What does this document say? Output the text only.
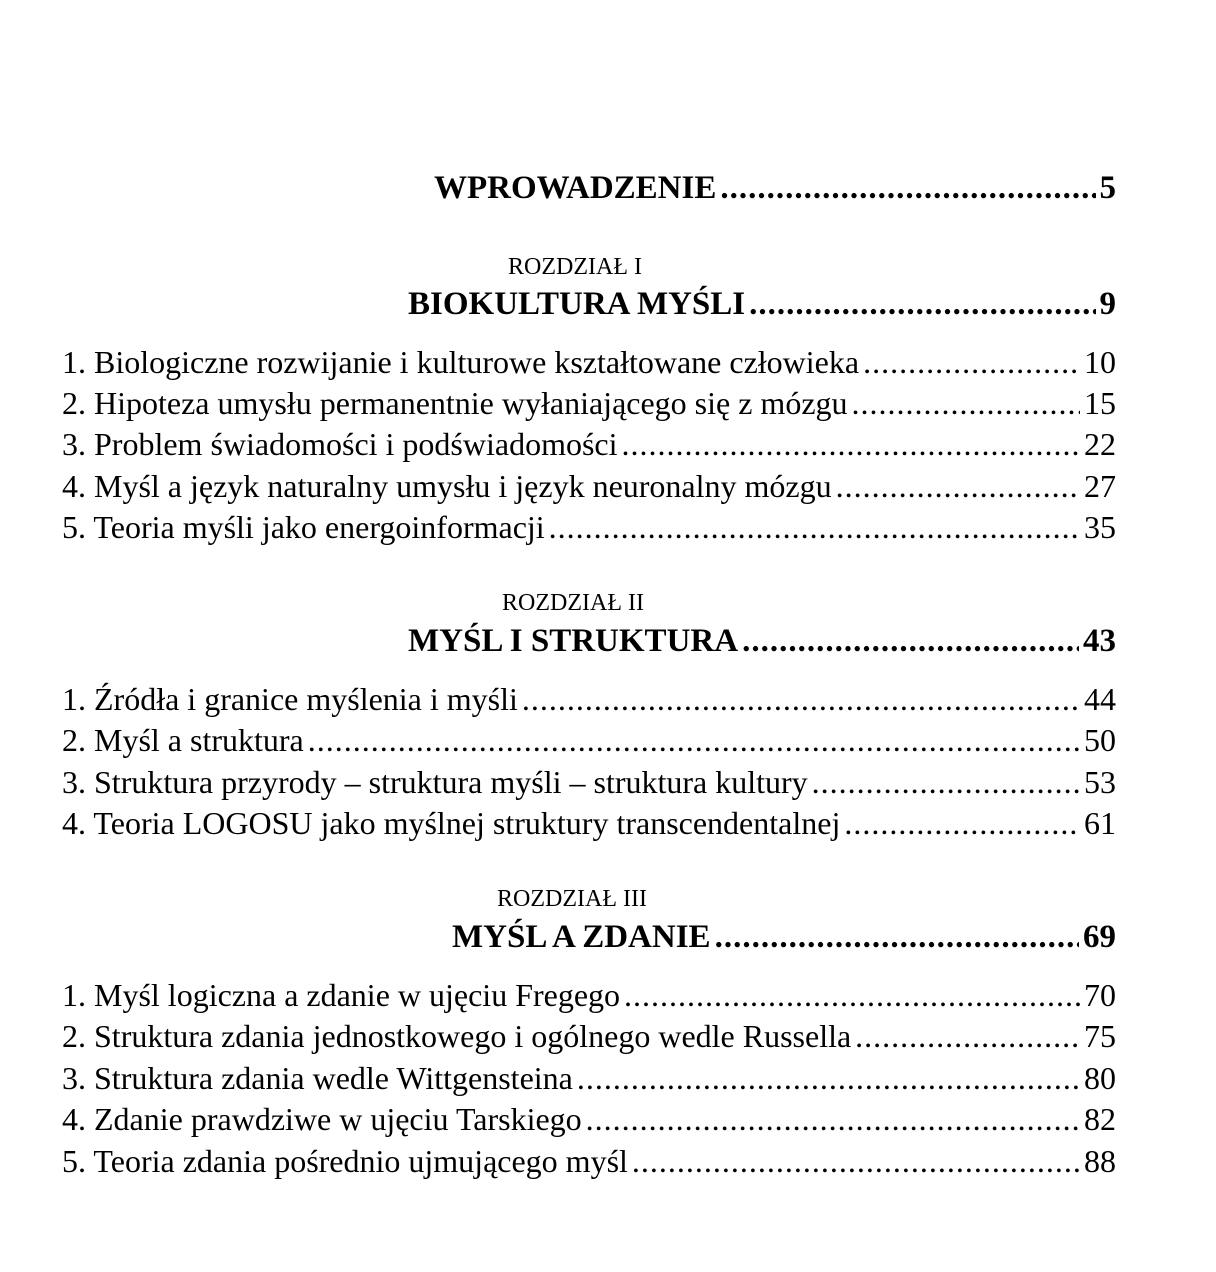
WPROWADZENIE .....	5
ROZDZIAŁ I
BIOKULTURA MYŚLI .....	9
1. Biologiczne rozwijanie i kulturowe kształtowane człowieka .....	10
2. Hipoteza umysłu permanentnie wyłaniającego się z mózgu .....	15
3. Problem świadomości i podświadomości .....	22
4. Myśl a język naturalny umysłu i język neuronalny mózgu .....	27
5. Teoria myśli jako energoinformacji .....	35
ROZDZIAŁ II
MYŚL I STRUKTURA .....	43
1. Źródła i granice myślenia i myśli .....	44
2. Myśl a struktura .....	50
3. Struktura przyrody – struktura myśli – struktura kultury .....	53
4. Teoria LOGOSU jako myślnej struktury transcendentalnej .....	61
ROZDZIAŁ III
MYŚL A ZDANIE .....	69
1. Myśl logiczna a zdanie w ujęciu Fregego .....	70
2. Struktura zdania jednostkowego i ogólnego wedle Russella .....	75
3. Struktura zdania wedle Wittgensteina .....	80
4. Zdanie prawdziwe w ujęciu Tarskiego .....	82
5. Teoria zdania pośrednio ujmującego myśl .....	88
